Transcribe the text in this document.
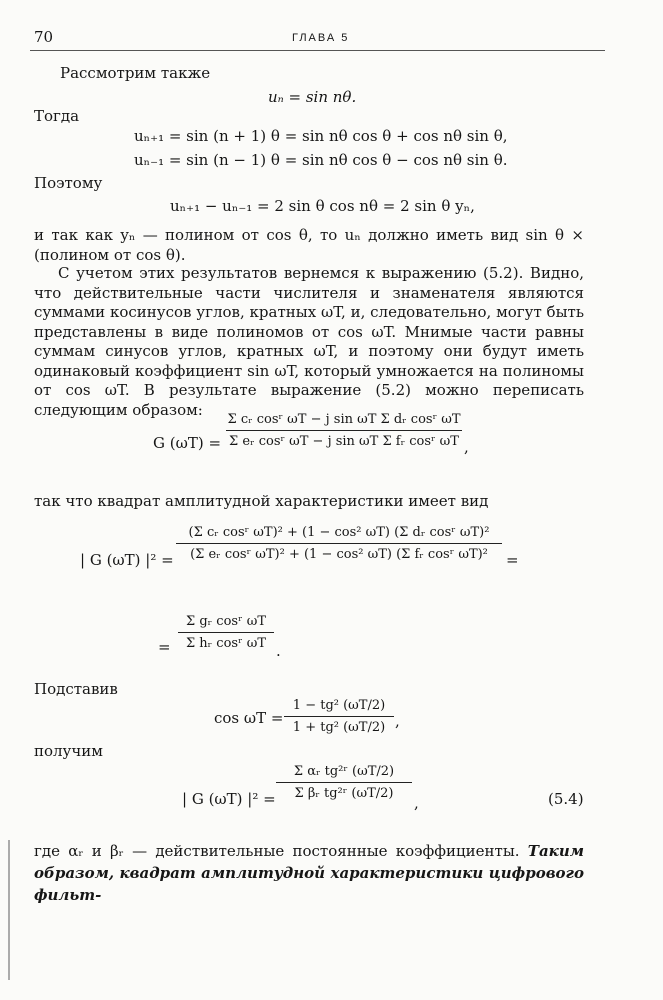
70	ГЛАВА 5
Рассмотрим также
uₙ = sin nθ.
Тогда
uₙ₊₁ = sin (n + 1) θ = sin nθ cos θ + cos nθ sin θ,
uₙ₋₁ = sin (n − 1) θ = sin nθ cos θ − cos nθ sin θ.
Поэтому
uₙ₊₁ − uₙ₋₁ = 2 sin θ cos nθ = 2 sin θ yₙ,

и так как yₙ — полином от cos θ, то uₙ должно иметь вид sin θ × (полином от cos θ).

С учетом этих результатов вернемся к выражению (5.2). Видно, что действительные части числителя и знаменателя являются суммами косинусов углов, кратных ωT, и, следовательно, могут быть представлены в виде полиномов от cos ωT. Мнимые части равны суммам синусов углов, кратных ωT, и поэтому они будут иметь одинаковый коэффициент sin ωT, который умножается на полиномы от cos ωT. В результате выражение (5.2) можно переписать следующим образом:

G (ωT) =
Σ cᵣ cosʳ ωT − j sin ωT Σ dᵣ cosʳ ωT
Σ eᵣ cosʳ ωT − j sin ωT Σ fᵣ cosʳ ωT ,
так что квадрат амплитудной характеристики имеет вид
| G (ωT) |² =
(Σ cᵣ cosʳ ωT)² + (1 − cos² ωT) (Σ dᵣ cosʳ ωT)²
(Σ eᵣ cosʳ ωT)² + (1 − cos² ωT) (Σ fᵣ cosʳ ωT)²	=
=
Σ gᵣ cosʳ ωT
Σ hᵣ cosʳ ωT .
Подставив
cos ωT =
1 − tg² (ωT/2)
1 + tg² (ωT/2) ,
получим
| G (ωT) |² =
Σ αᵣ tg²ʳ (ωT/2)
Σ βᵣ tg²ʳ (ωT/2)
,	(5.4)
где αᵣ и βᵣ — действительные постоянные коэффициенты. Таким образом, квадрат амплитудной характеристики цифрового фильт-
